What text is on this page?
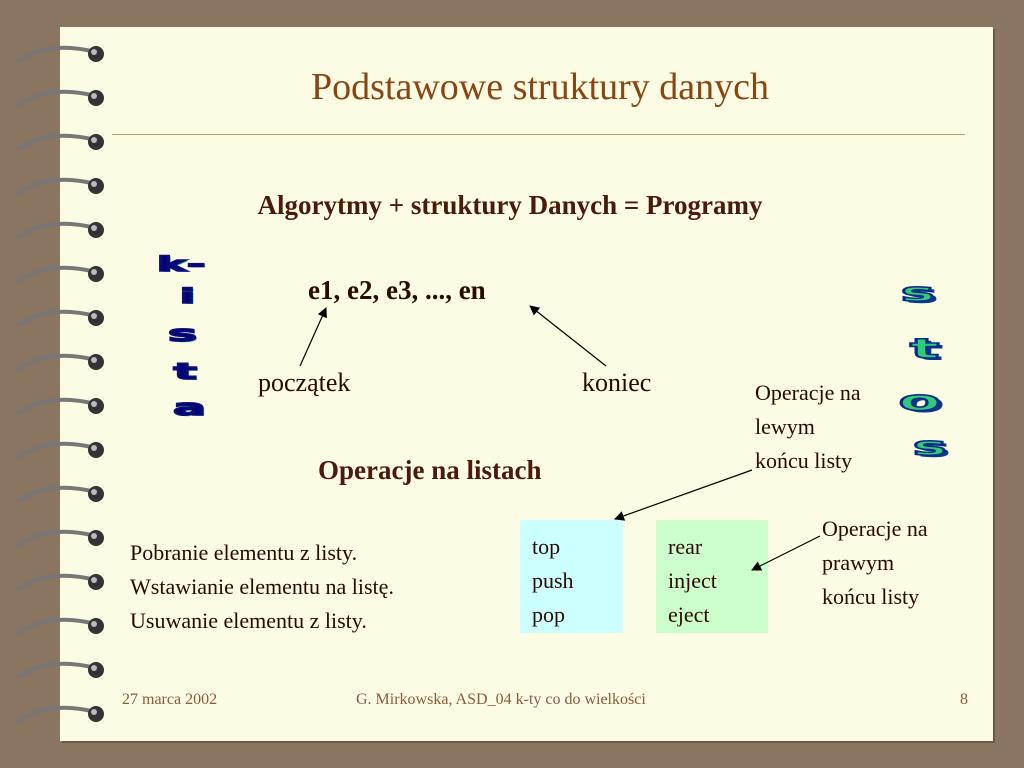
Podstawowe struktury danych
Algorytmy + struktury Danych = Programy
e1, e2, e3, ..., en
początek	koniec
k -
i
s
t
a
s
t
o
s
Operacje na
lewym
końcu listy
Operacje na listach
Pobranie elementu z listy.
Wstawianie elementu na listę.
Usuwanie elementu z listy.
top
push
pop
rear
inject
eject
Operacje na
prawym
końcu listy
27 marca 2002	G. Mirkowska, ASD_04 k-ty co do wielkości	8
